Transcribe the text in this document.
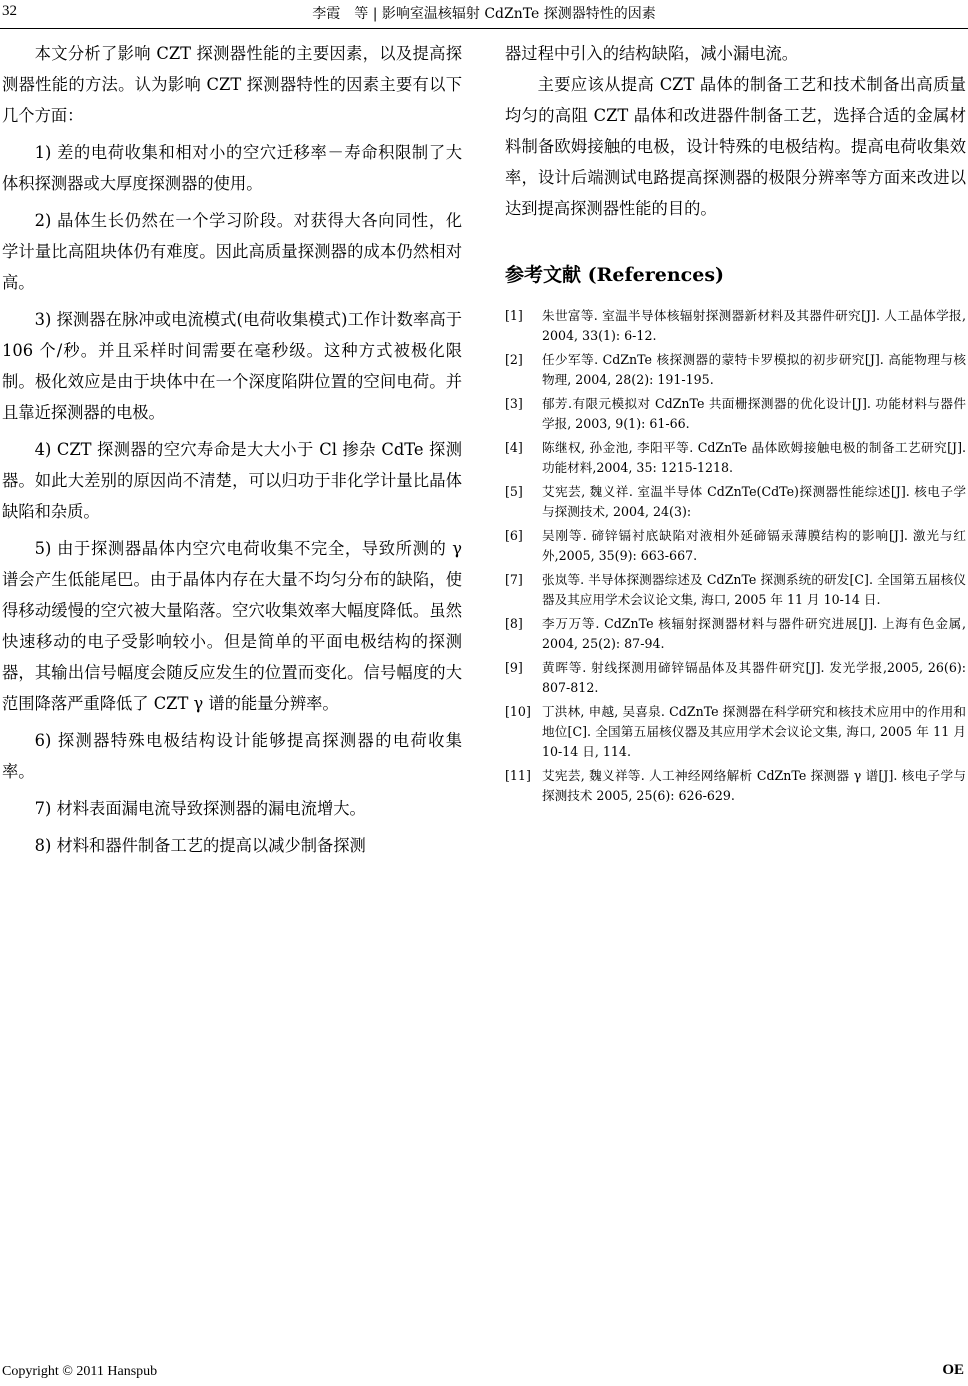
32	李霞　等 | 影响室温核辐射 CdZnTe 探测器特性的因素

本文分析了影响 CZT 探测器性能的主要因素，以及提高探测器性能的方法。认为影响 CZT 探测器特性的因素主要有以下几个方面：

1) 差的电荷收集和相对小的空穴迁移率－寿命积限制了大体积探测器或大厚度探测器的使用。

2) 晶体生长仍然在一个学习阶段。对获得大各向同性，化学计量比高阻块体仍有难度。因此高质量探测器的成本仍然相对高。

3) 探测器在脉冲或电流模式(电荷收集模式)工作计数率高于 106 个/秒。并且采样时间需要在毫秒级。这种方式被极化限制。极化效应是由于块体中在一个深度陷阱位置的空间电荷。并且靠近探测器的电极。

4) CZT 探测器的空穴寿命是大大小于 Cl 掺杂 CdTe 探测器。如此大差别的原因尚不清楚，可以归功于非化学计量比晶体缺陷和杂质。

5) 由于探测器晶体内空穴电荷收集不完全，导致所测的 γ 谱会产生低能尾巴。由于晶体内存在大量不均匀分布的缺陷，使得移动缓慢的空穴被大量陷落。空穴收集效率大幅度降低。虽然快速移动的电子受影响较小。但是简单的平面电极结构的探测器，其输出信号幅度会随反应发生的位置而变化。信号幅度的大范围降落严重降低了 CZT γ 谱的能量分辨率。

6) 探测器特殊电极结构设计能够提高探测器的电荷收集率。

7) 材料表面漏电流导致探测器的漏电流增大。

8) 材料和器件制备工艺的提高以减少制备探测

器过程中引入的结构缺陷，减小漏电流。

主要应该从提高 CZT 晶体的制备工艺和技术制备出高质量均匀的高阻 CZT 晶体和改进器件制备工艺，选择合适的金属材料制备欧姆接触的电极，设计特殊的电极结构。提高电荷收集效率，设计后端测试电路提高探测器的极限分辨率等方面来改进以达到提高探测器性能的目的。

参考文献 (References)
[1] 朱世富等. 室温半导体核辐射探测器新材料及其器件研究[J]. 人工晶体学报, 2004, 33(1): 6-12.
[2] 任少军等. CdZnTe 核探测器的蒙特卡罗模拟的初步研究[J]. 高能物理与核物理, 2004, 28(2): 191-195.
[3] 郁芳.有限元模拟对 CdZnTe 共面栅探测器的优化设计[J]. 功能材料与器件学报, 2003, 9(1): 61-66.
[4] 陈继权, 孙金池, 李阳平等. CdZnTe 晶体欧姆接触电极的制备工艺研究[J]. 功能材料,2004, 35: 1215-1218.
[5] 艾宪芸, 魏义祥. 室温半导体 CdZnTe(CdTe)探测器性能综述[J]. 核电子学与探测技术, 2004, 24(3):
[6] 吴刚等. 碲锌镉衬底缺陷对液相外延碲镉汞薄膜结构的影响[J]. 激光与红外,2005, 35(9): 663-667.
[7] 张岚等. 半导体探测器综述及 CdZnTe 探测系统的研发[C]. 全国第五届核仪器及其应用学术会议论文集, 海口, 2005 年 11 月 10-14 日.
[8] 李万万等. CdZnTe 核辐射探测器材料与器件研究进展[J]. 上海有色金属, 2004, 25(2): 87-94.
[9] 黄晖等. 射线探测用碲锌镉晶体及其器件研究[J]. 发光学报,2005, 26(6): 807-812.
[10] 丁洪林, 申越, 吴喜泉. CdZnTe 探测器在科学研究和核技术应用中的作用和地位[C]. 全国第五届核仪器及其应用学术会议论文集, 海口, 2005 年 11 月 10-14 日, 114.
[11] 艾宪芸, 魏义祥等. 人工神经网络解析 CdZnTe 探测器 γ 谱[J]. 核电子学与探测技术 2005, 25(6): 626-629.
Copyright © 2011 Hanspub	OE
